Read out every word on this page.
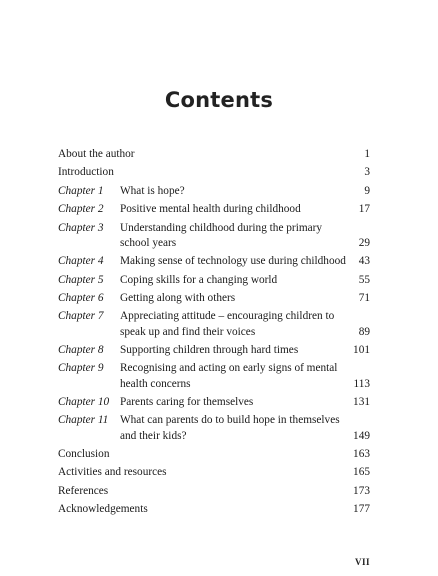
Contents
About the author	1
Introduction	3
Chapter 1	What is hope?	9
Chapter 2	Positive mental health during childhood	17
Chapter 3	Understanding childhood during the primary school years	29
Chapter 4	Making sense of technology use during childhood	43
Chapter 5	Coping skills for a changing world	55
Chapter 6	Getting along with others	71
Chapter 7	Appreciating attitude – encouraging children to speak up and find their voices	89
Chapter 8	Supporting children through hard times	101
Chapter 9	Recognising and acting on early signs of mental health concerns	113
Chapter 10 Parents caring for themselves	131
Chapter 11	What can parents do to build hope in themselves and their kids?	149
Conclusion	163
Activities and resources	165
References	173
Acknowledgements	177
VII
